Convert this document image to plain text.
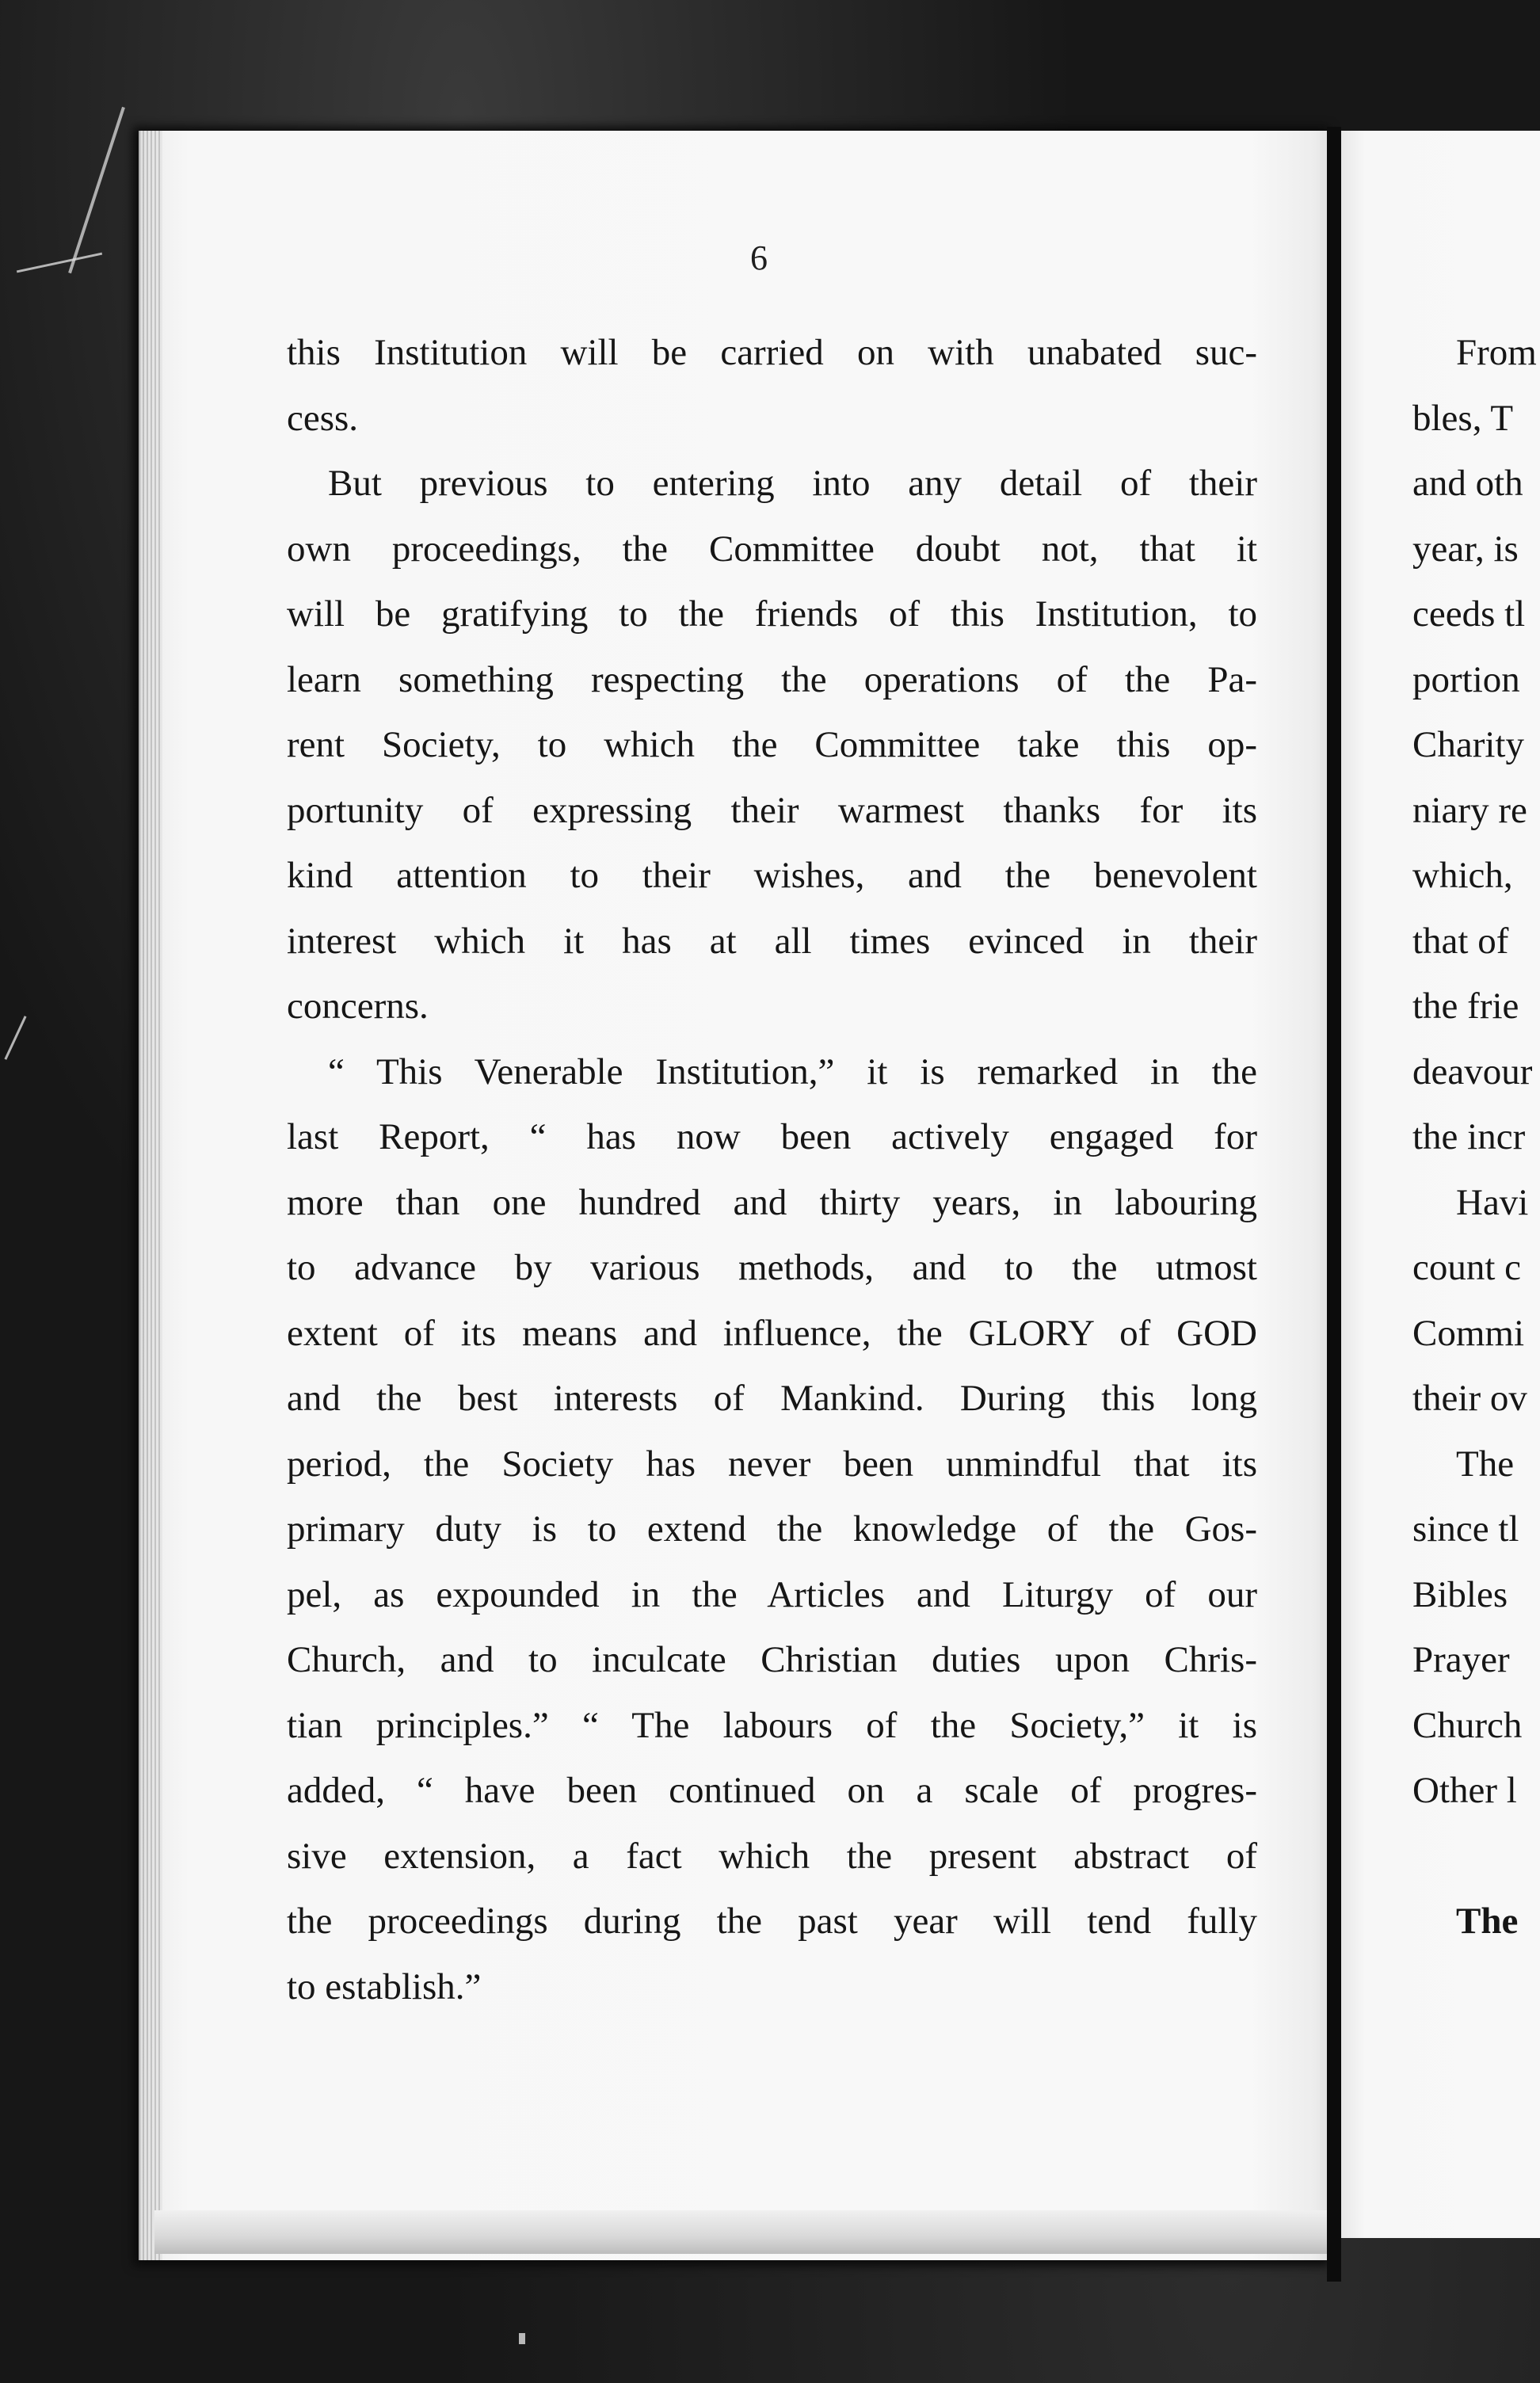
6
this Institution will be carried on with unabated suc-
cess.
But previous to entering into any detail of their
own proceedings, the Committee doubt not, that it
will be gratifying to the friends of this Institution, to
learn something respecting the operations of the Pa-
rent Society, to which the Committee take this op-
portunity of expressing their warmest thanks for its
kind attention to their wishes, and the benevolent
interest which it has at all times evinced in their
concerns.
“ This Venerable Institution,” it is remarked in the
last Report, “ has now been actively engaged for
more than one hundred and thirty years, in labouring
to advance by various methods, and to the utmost
extent of its means and influence, the GLORY of GOD
and the best interests of Mankind. During this long
period, the Society has never been unmindful that its
primary duty is to extend the knowledge of the Gos-
pel, as expounded in the Articles and Liturgy of our
Church, and to inculcate Christian duties upon Chris-
tian principles.” “ The labours of the Society,” it is
added, “ have been continued on a scale of progres-
sive extension, a fact which the present abstract of
the proceedings during the past year will tend fully
to establish.”
From
bles, T
and oth
year, is
ceeds tl
portion
Charity
niary re
which,
that of
the frie
deavour
the incr
Havi
count c
Commi
their ov
The
since tl
Bibles
Prayer
Church
Other l
The
